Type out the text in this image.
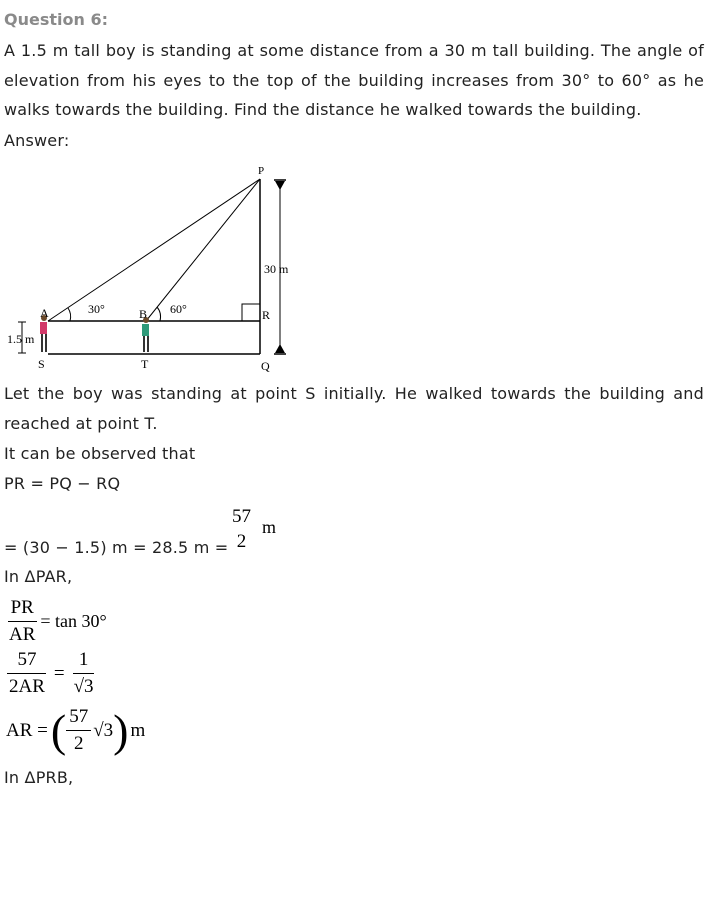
Question 6:
A 1.5 m tall boy is standing at some distance from a 30 m tall building. The angle of elevation from his eyes to the top of the building increases from 30° to 60° as he walks towards the building. Find the distance he walked towards the building.
Answer:
P
A	B	R
S	T	Q
30°	60°
30 m
1.5 m
Let the boy was standing at point S initially. He walked towards the building and reached at point T.
It can be observed that
PR = PQ − RQ
= (30 − 1.5) m = 28.5 m =
57
2
m
In ΔPAR,
$\frac{PR}{AR} = \tan 30^\circ$
$\frac{57}{2AR} = \frac{1}{√3}$
AR = ( $\frac{57}{2} √3$ ) m
In ΔPRB,
